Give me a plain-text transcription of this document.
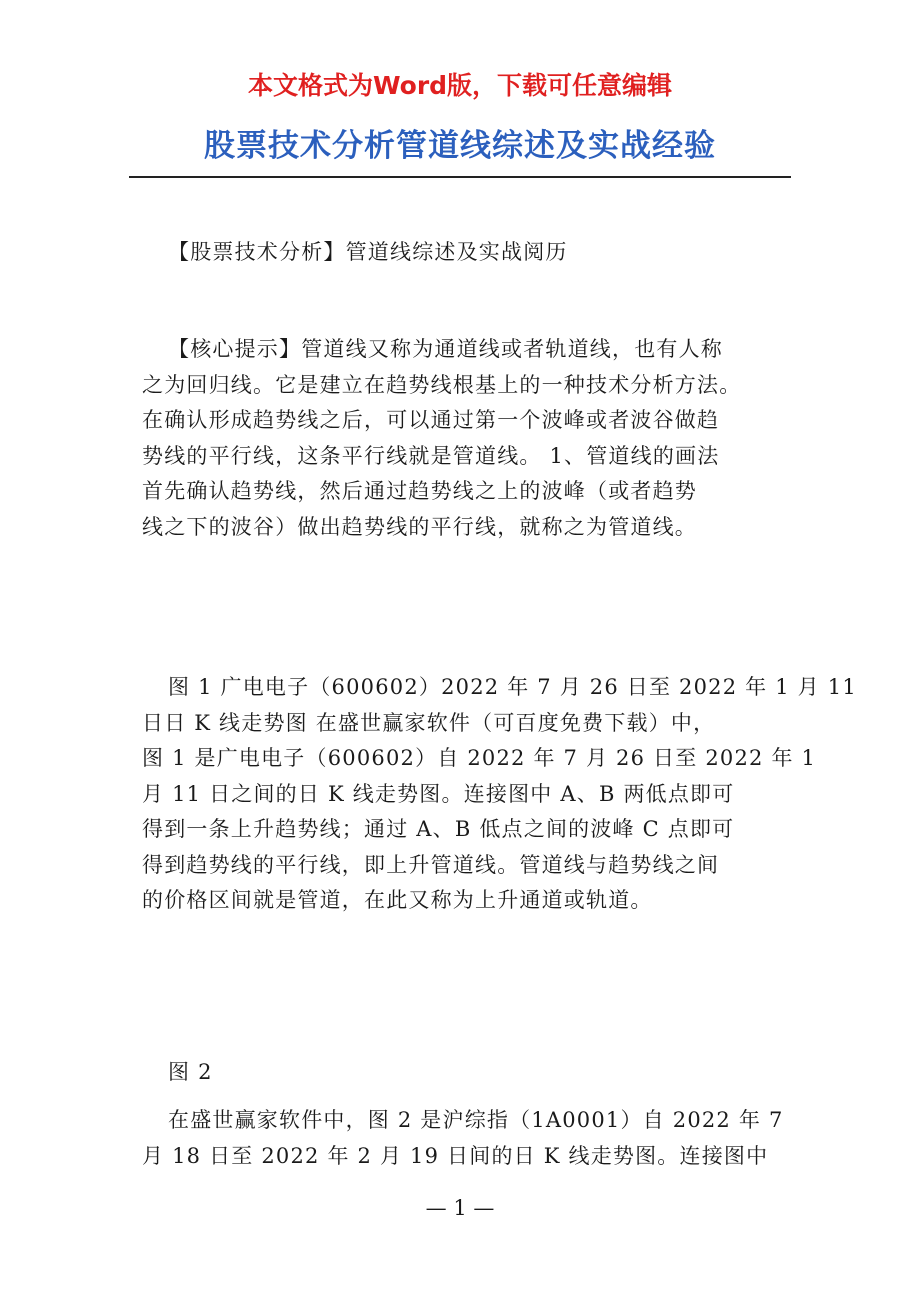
本文格式为Word版，下载可任意编辑
股票技术分析管道线综述及实战经验
【股票技术分析】管道线综述及实战阅历
【核心提示】管道线又称为通道线或者轨道线，也有人称
之为回归线。它是建立在趋势线根基上的一种技术分析方法。
在确认形成趋势线之后，可以通过第一个波峰或者波谷做趋
势线的平行线，这条平行线就是管道线。 1、管道线的画法
首先确认趋势线，然后通过趋势线之上的波峰（或者趋势
线之下的波谷）做出趋势线的平行线，就称之为管道线。
图 1 广电电子（600602）2022 年 7 月 26 日至 2022 年 1 月 11
日日 K 线走势图 在盛世赢家软件（可百度免费下载）中，
图 1 是广电电子（600602）自 2022 年 7 月 26 日至 2022 年 1
月 11 日之间的日 K 线走势图。连接图中 A、B 两低点即可
得到一条上升趋势线；通过 A、B 低点之间的波峰 C 点即可
得到趋势线的平行线，即上升管道线。管道线与趋势线之间
的价格区间就是管道，在此又称为上升通道或轨道。
图 2
在盛世赢家软件中，图 2 是沪综指（1A0001）自 2022 年 7
月 18 日至 2022 年 2 月 19 日间的日 K 线走势图。连接图中
— 1 —
